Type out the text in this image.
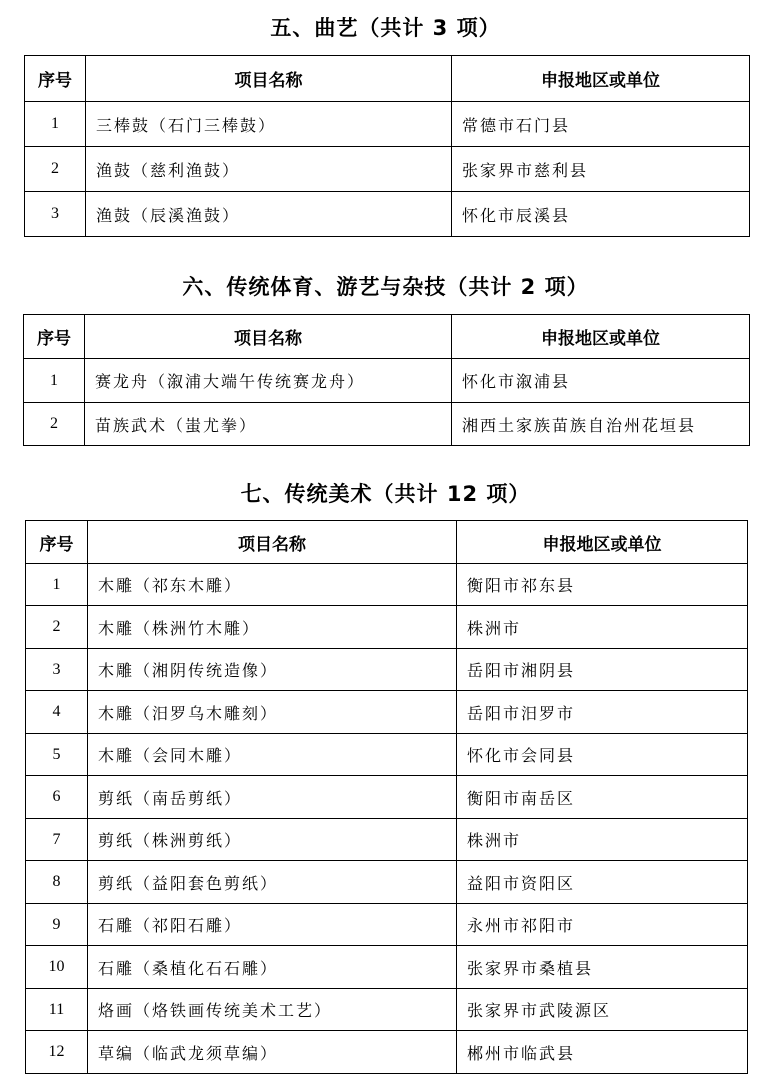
五、曲艺（共计 3 项）
序号	项目名称	申报地区或单位
1	三棒鼓（石门三棒鼓）	常德市石门县
2	渔鼓（慈利渔鼓）	张家界市慈利县
3	渔鼓（辰溪渔鼓）	怀化市辰溪县
六、传统体育、游艺与杂技（共计 2 项）
序号	项目名称	申报地区或单位
1	赛龙舟（溆浦大端午传统赛龙舟）	怀化市溆浦县
2	苗族武术（蚩尤拳）	湘西土家族苗族自治州花垣县
七、传统美术（共计 12 项）
序号	项目名称	申报地区或单位
1	木雕（祁东木雕）	衡阳市祁东县
2	木雕（株洲竹木雕）	株洲市
3	木雕（湘阴传统造像）	岳阳市湘阴县
4	木雕（汨罗乌木雕刻）	岳阳市汨罗市
5	木雕（会同木雕）	怀化市会同县
6	剪纸（南岳剪纸）	衡阳市南岳区
7	剪纸（株洲剪纸）	株洲市
8	剪纸（益阳套色剪纸）	益阳市资阳区
9	石雕（祁阳石雕）	永州市祁阳市
10	石雕（桑植化石石雕）	张家界市桑植县
11	烙画（烙铁画传统美术工艺）	张家界市武陵源区
12	草编（临武龙须草编）	郴州市临武县
